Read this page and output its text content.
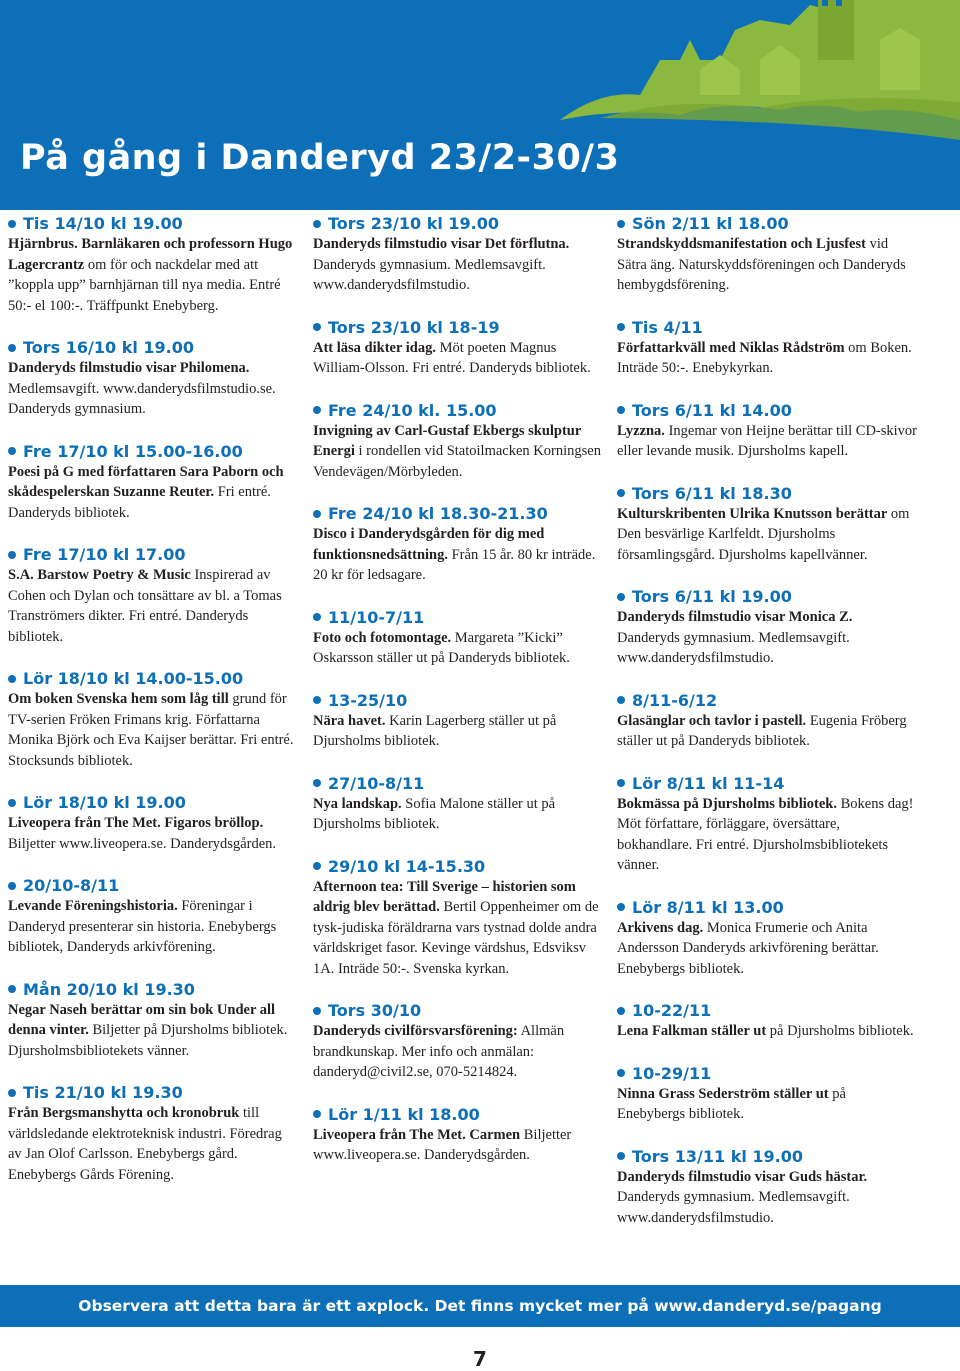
På gång i Danderyd 23/2-30/3
Tis 14/10 kl 19.00
Hjärnbrus. Barnläkaren och professorn Hugo Lagercrantz om för och nackdelar med att ”koppla upp” barnhjärnan till nya media. Entré 50:- el 100:-. Träffpunkt Enebyberg.
Tors 16/10 kl 19.00
Danderyds filmstudio visar Philomena. Medlemsavgift. www.danderydsfilmstudio.se. Danderyds gymnasium.
Fre 17/10 kl 15.00-16.00
Poesi på G med författaren Sara Paborn och skådespelerskan Suzanne Reuter. Fri entré. Danderyds bibliotek.
Fre 17/10 kl 17.00
S.A. Barstow Poetry & Music Inspirerad av Cohen och Dylan och tonsättare av bl. a Tomas Tranströmers dikter. Fri entré. Danderyds bibliotek.
Lör 18/10 kl 14.00-15.00
Om boken Svenska hem som låg till grund för TV-serien Fröken Frimans krig. Författarna Monika Björk och Eva Kaijser berättar. Fri entré. Stocksunds bibliotek.
Lör 18/10 kl 19.00
Liveopera från The Met. Figaros bröllop. Biljetter www.liveopera.se. Danderydsgården.
20/10-8/11
Levande Föreningshistoria. Föreningar i Danderyd presenterar sin historia. Enebybergs bibliotek, Danderyds arkivförening.
Mån 20/10 kl 19.30
Negar Naseh berättar om sin bok Under all denna vinter. Biljetter på Djursholms bibliotek. Djursholmsbibliotekets vänner.
Tis 21/10 kl 19.30
Från Bergsmanshytta och kronobruk till världsledande elektroteknisk industri. Föredrag av Jan Olof Carlsson. Enebybergs gård. Enebybergs Gårds Förening.
Tors 23/10 kl 19.00
Danderyds filmstudio visar Det förflutna. Danderyds gymnasium. Medlemsavgift. www.danderydsfilmstudio.
Tors 23/10 kl 18-19
Att läsa dikter idag. Möt poeten Magnus William-Olsson. Fri entré. Danderyds bibliotek.
Fre 24/10 kl. 15.00
Invigning av Carl-Gustaf Ekbergs skulptur Energi i rondellen vid Statoilmacken Korningsen Vendevägen/Mörbyleden.
Fre 24/10 kl 18.30-21.30
Disco i Danderydsgården för dig med funktionsnedsättning. Från 15 år. 80 kr inträde. 20 kr för ledsagare.
11/10-7/11
Foto och fotomontage. Margareta ”Kicki” Oskarsson ställer ut på Danderyds bibliotek.
13-25/10
Nära havet. Karin Lagerberg ställer ut på Djursholms bibliotek.
27/10-8/11
Nya landskap. Sofia Malone ställer ut på Djursholms bibliotek.
29/10 kl 14-15.30
Afternoon tea: Till Sverige – historien som aldrig blev berättad. Bertil Oppenheimer om de tysk-judiska föräldrarna vars tystnad dolde andra världskriget fasor. Kevinge värdshus, Edsviksv 1A. Inträde 50:-. Svenska kyrkan.
Tors 30/10
Danderyds civilförsvarsförening: Allmän brandkunskap. Mer info och anmälan: danderyd@civil2.se, 070-5214824.
Lör 1/11 kl 18.00
Liveopera från The Met. Carmen Biljetter www.liveopera.se. Danderydsgården.
Sön 2/11 kl 18.00
Strandskyddsmanifestation och Ljusfest vid Sätra äng. Naturskyddsföreningen och Danderyds hembygdsförening.
Tis 4/11
Författarkväll med Niklas Rådström om Boken. Inträde 50:-. Enebykyrkan.
Tors 6/11 kl 14.00
Lyzzna. Ingemar von Heijne berättar till CD-skivor eller levande musik. Djursholms kapell.
Tors 6/11 kl 18.30
Kulturskribenten Ulrika Knutsson berättar om Den besvärlige Karlfeldt. Djursholms församlingsgård. Djursholms kapellvänner.
Tors 6/11 kl 19.00
Danderyds filmstudio visar Monica Z. Danderyds gymnasium. Medlemsavgift. www.danderydsfilmstudio.
8/11-6/12
Glasänglar och tavlor i pastell. Eugenia Fröberg ställer ut på Danderyds bibliotek.
Lör 8/11 kl 11-14
Bokmässa på Djursholms bibliotek. Bokens dag! Möt författare, förläggare, översättare, bokhandlare. Fri entré. Djursholmsbibliotekets vänner.
Lör 8/11 kl 13.00
Arkivens dag. Monica Frumerie och Anita Andersson Danderyds arkivförening berättar. Enebybergs bibliotek.
10-22/11
Lena Falkman ställer ut på Djursholms bibliotek.
10-29/11
Ninna Grass Sederström ställer ut på Enebybergs bibliotek.
Tors 13/11 kl 19.00
Danderyds filmstudio visar Guds hästar. Danderyds gymnasium. Medlemsavgift. www.danderydsfilmstudio.
Observera att detta bara är ett axplock. Det finns mycket mer på www.danderyd.se/pagang
7
